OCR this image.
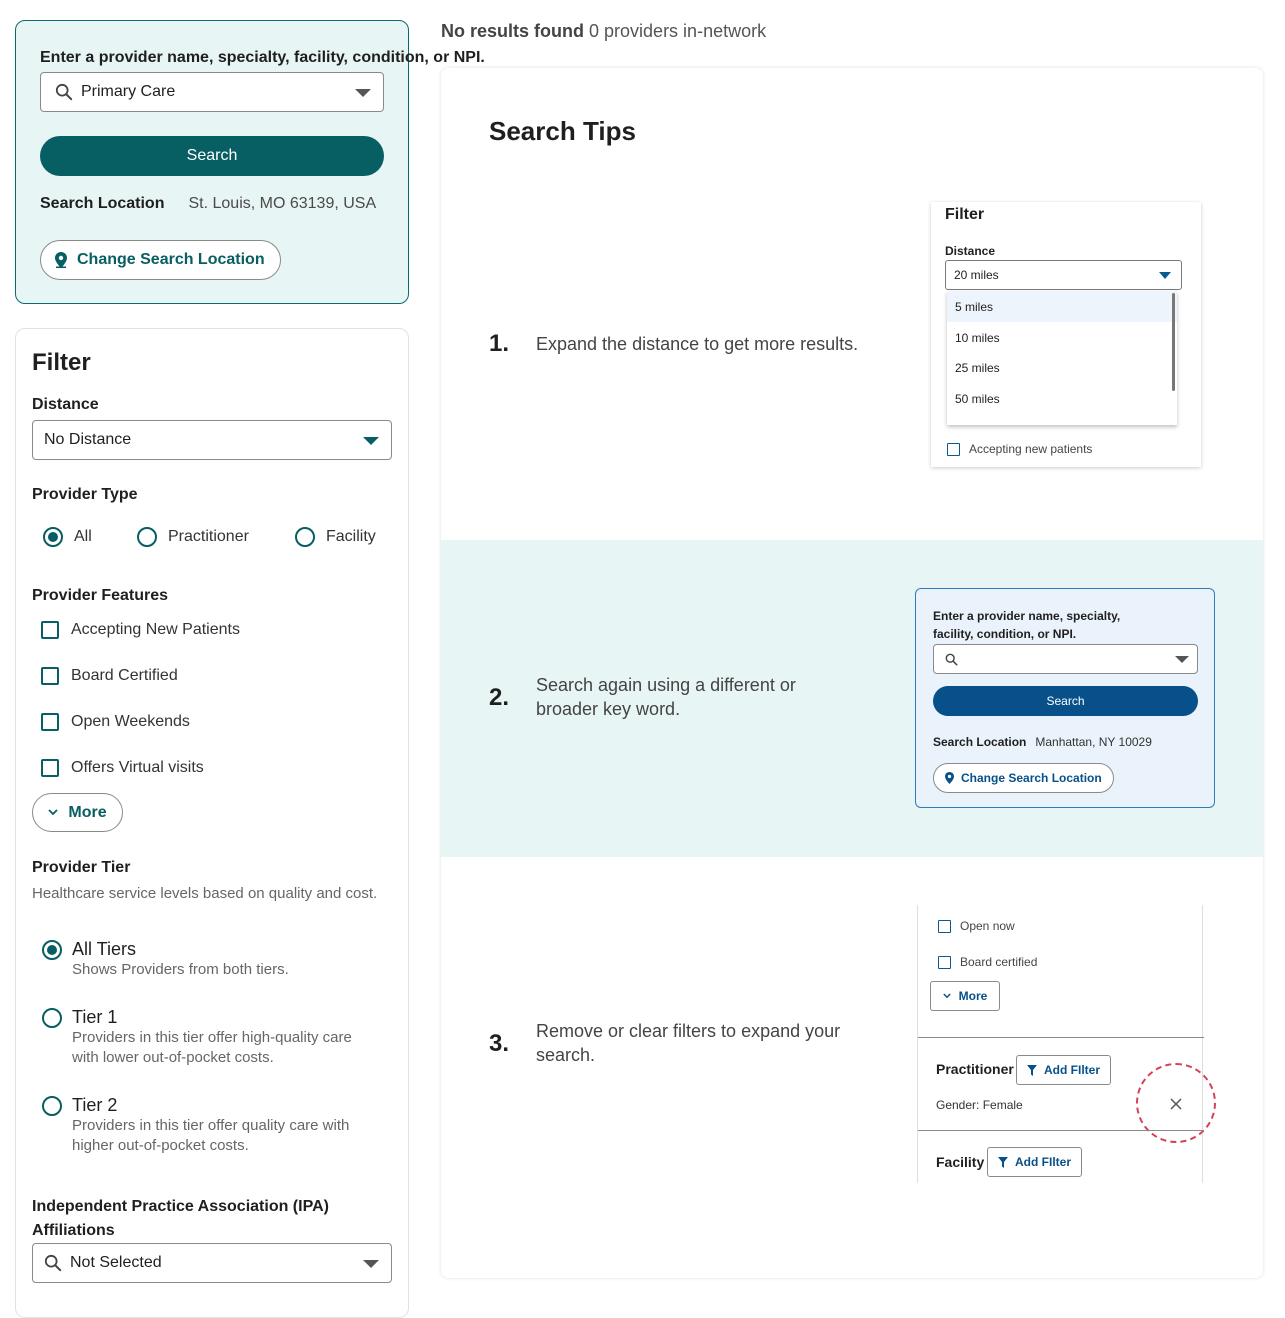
Enter a provider name, specialty, facility, condition, or NPI.
Primary Care
Search
Search Location St. Louis, MO 63139, USA
Change Search Location
Filter
Distance
No Distance
Provider Type
All	Practitioner	Facility
Provider Features
Accepting New Patients
Board Certified
Open Weekends
Offers Virtual visits
More
Provider Tier
Healthcare service levels based on quality and cost.
All Tiers
Shows Providers from both tiers.
Tier 1
Providers in this tier offer high-quality care with lower out-of-pocket costs.
Tier 2
Providers in this tier offer quality care with higher out-of-pocket costs.
Independent Practice Association (IPA) Affiliations
Not Selected
No results found 0 providers in-network
Search Tips
1. Expand the distance to get more results.
Filter
Distance
20 miles
5 miles
10 miles
25 miles
50 miles
Accepting new patients
2. Search again using a different or broader key word.
Enter a provider name, specialty, facility, condition, or NPI.
Search
Search Location Manhattan, NY 10029
Change Search Location
3. Remove or clear filters to expand your search.
Open now
Board certified
More
Practitioner	Add FIlter
Gender: Female
Facility	Add FIlter
